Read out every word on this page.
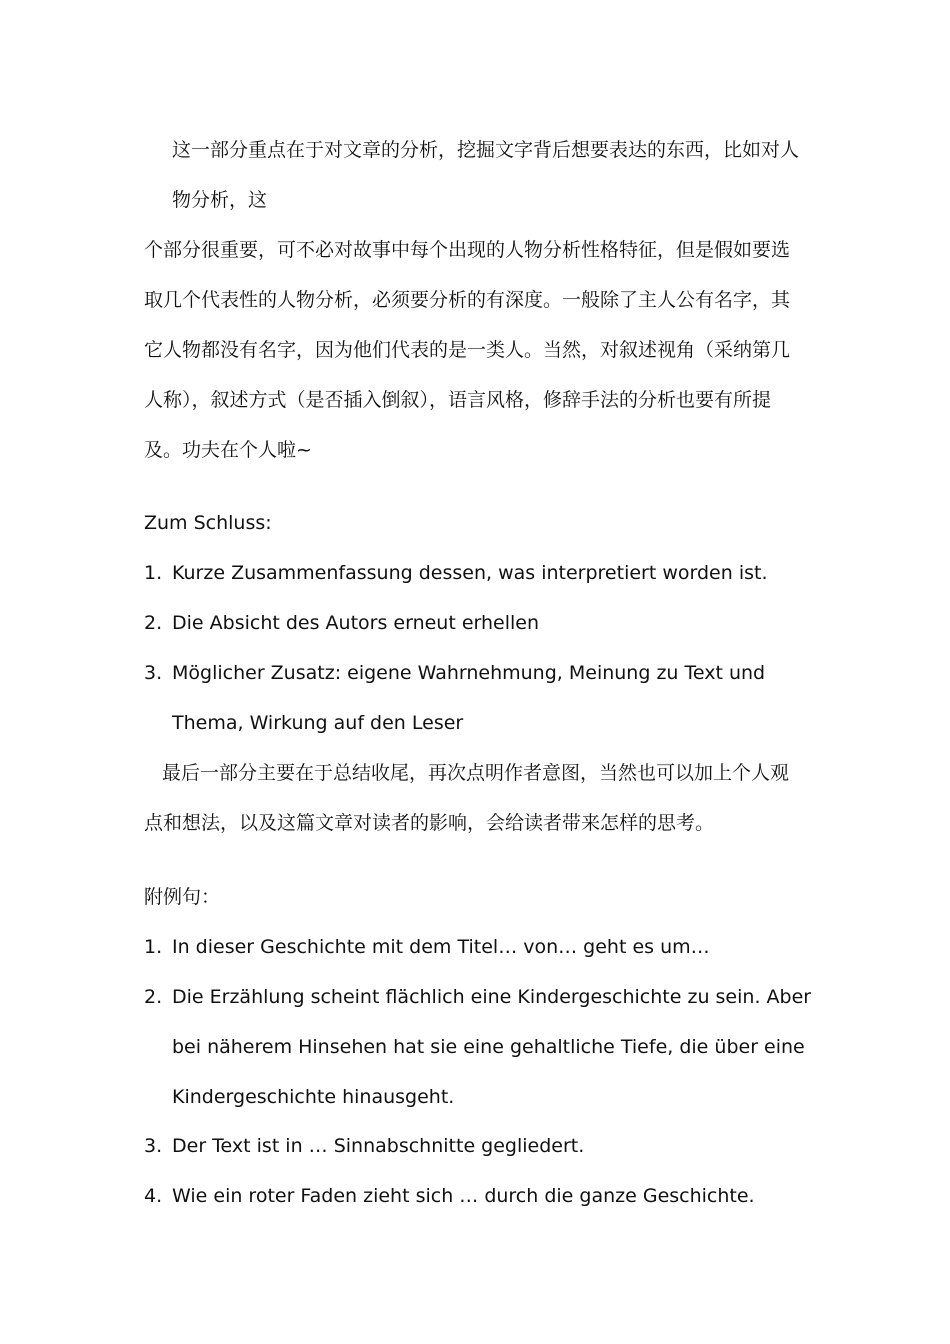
这一部分重点在于对文章的分析，挖掘文字背后想要表达的东西，比如对人
物分析，这
个部分很重要，可不必对故事中每个出现的人物分析性格特征，但是假如要选
取几个代表性的人物分析，必须要分析的有深度。一般除了主人公有名字，其
它人物都没有名字，因为他们代表的是一类人。当然，对叙述视角（采纳第几
人称），叙述方式（是否插入倒叙），语言风格，修辞手法的分析也要有所提
及。功夫在个人啦~
Zum Schluss:
1. Kurze Zusammenfassung dessen, was interpretiert worden ist.
2. Die Absicht des Autors erneut erhellen
3. Möglicher Zusatz: eigene Wahrnehmung, Meinung zu Text und
Thema, Wirkung auf den Leser
最后一部分主要在于总结收尾，再次点明作者意图，当然也可以加上个人观
点和想法，以及这篇文章对读者的影响，会给读者带来怎样的思考。
附例句：
1. In dieser Geschichte mit dem Titel… von… geht es um…
2. Die Erzählung scheint flächlich eine Kindergeschichte zu sein. Aber
bei näherem Hinsehen hat sie eine gehaltliche Tiefe, die über eine
Kindergeschichte hinausgeht.
3. Der Text ist in … Sinnabschnitte gegliedert.
4. Wie ein roter Faden zieht sich … durch die ganze Geschichte.
